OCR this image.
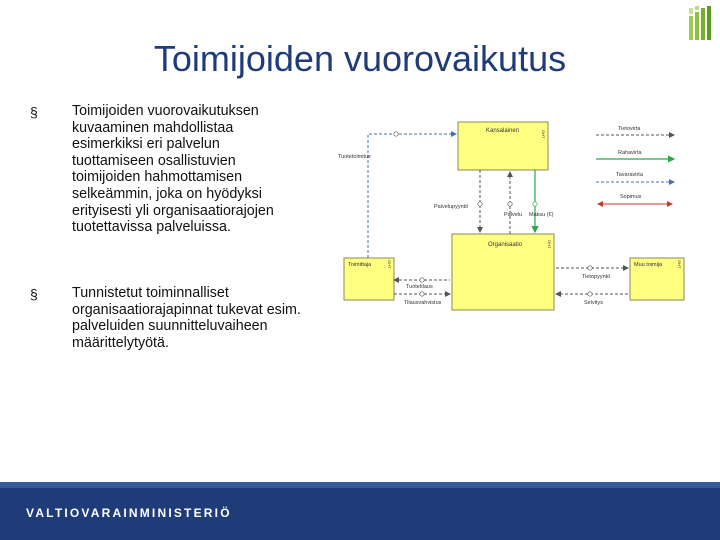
Toimijoiden vuorovaikutus
§ Toimijoiden vuorovaikutuksen kuvaaminen mahdollistaa esimerkiksi eri palvelun tuottamiseen osallistuvien toimijoiden hahmottamisen selkeämmin, joka on hyödyksi erityisesti yli organisaatiorajojen tuotettavissa palveluissa.
§ Tunnistetut toiminnalliset organisaatiorajapinnat tukevat esim. palveluiden suunnitteluvaiheen määrittelytyötä.
Kansalainen	OHT
Organisaatio	OHT
Toimittaja	OHT	Muu toimija	OHT
Tuotetoimitus
Palvelupyyntö
Palvelu Maksu (€)
Tuotetilaus
Tilausvahvistus
Tietopyyntö
Selvitys
Tietovirta
Rahavirta
Tavaravirta
Sopimus
VALTIOVARAINMINISTERIÖ
